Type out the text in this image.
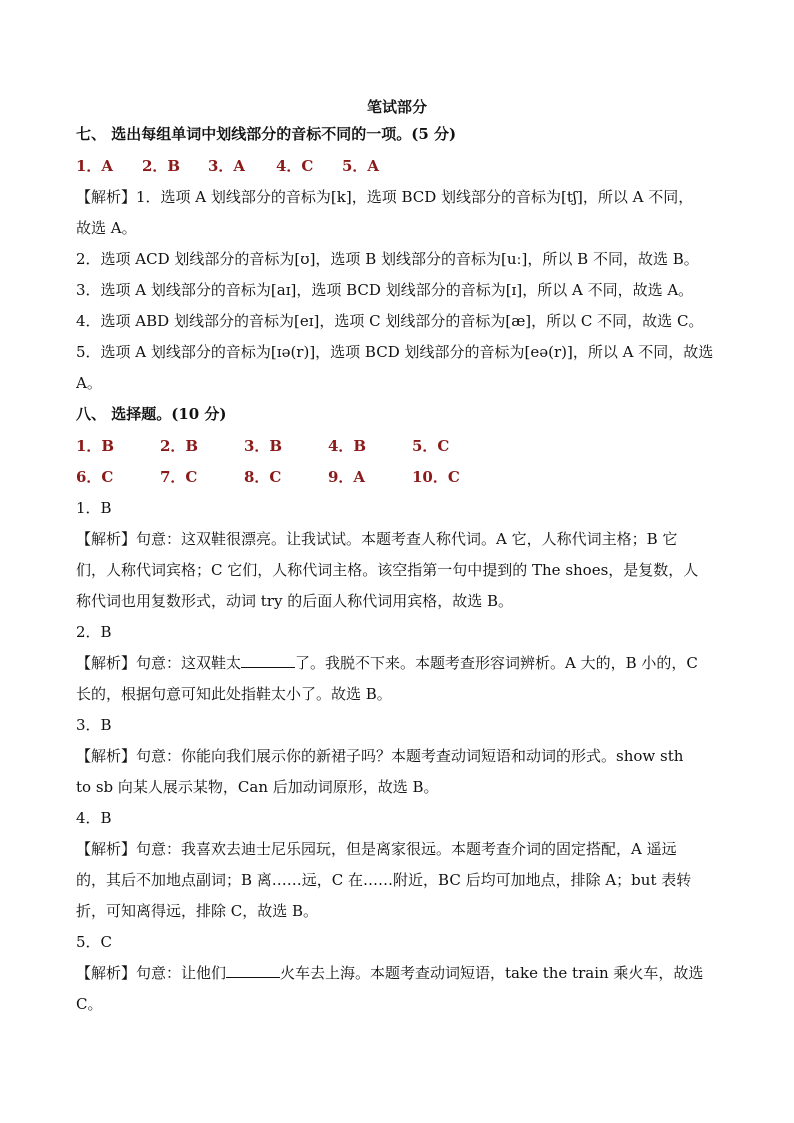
笔试部分
七、 选出每组单词中划线部分的音标不同的一项。(5 分)
1．A 2．B 3．A 4．C 5．A
【解析】1．选项 A 划线部分的音标为[k]，选项 BCD 划线部分的音标为[tʃ]，所以 A 不同，
故选 A。
2．选项 ACD 划线部分的音标为[ʊ]，选项 B 划线部分的音标为[uː]，所以 B 不同，故选 B。
3．选项 A 划线部分的音标为[aɪ]，选项 BCD 划线部分的音标为[ɪ]，所以 A 不同，故选 A。
4．选项 ABD 划线部分的音标为[eɪ]，选项 C 划线部分的音标为[æ]，所以 C 不同，故选 C。
5．选项 A 划线部分的音标为[ɪə(r)]，选项 BCD 划线部分的音标为[eə(r)]，所以 A 不同，故选
A。
八、 选择题。(10 分)
1．B	2．B	3．B	4．B	5．C
6．C	7．C	8．C	9．A	10．C
1．B
【解析】句意：这双鞋很漂亮。让我试试。本题考查人称代词。A 它，人称代词主格；B 它
们，人称代词宾格；C 它们，人称代词主格。该空指第一句中提到的 The shoes，是复数，人
称代词也用复数形式，动词 try 的后面人称代词用宾格，故选 B。
2．B
【解析】句意：这双鞋太	了。我脱不下来。本题考查形容词辨析。A 大的，B 小的，C
长的，根据句意可知此处指鞋太小了。故选 B。
3．B
【解析】句意：你能向我们展示你的新裙子吗？本题考查动词短语和动词的形式。show sth
to sb 向某人展示某物，Can 后加动词原形，故选 B。
4．B
【解析】句意：我喜欢去迪士尼乐园玩，但是离家很远。本题考查介词的固定搭配，A 遥远
的，其后不加地点副词；B 离……远，C 在……附近，BC 后均可加地点，排除 A；but 表转
折，可知离得远，排除 C，故选 B。
5．C
【解析】句意：让他们	火车去上海。本题考查动词短语，take the train 乘火车，故选
C。
